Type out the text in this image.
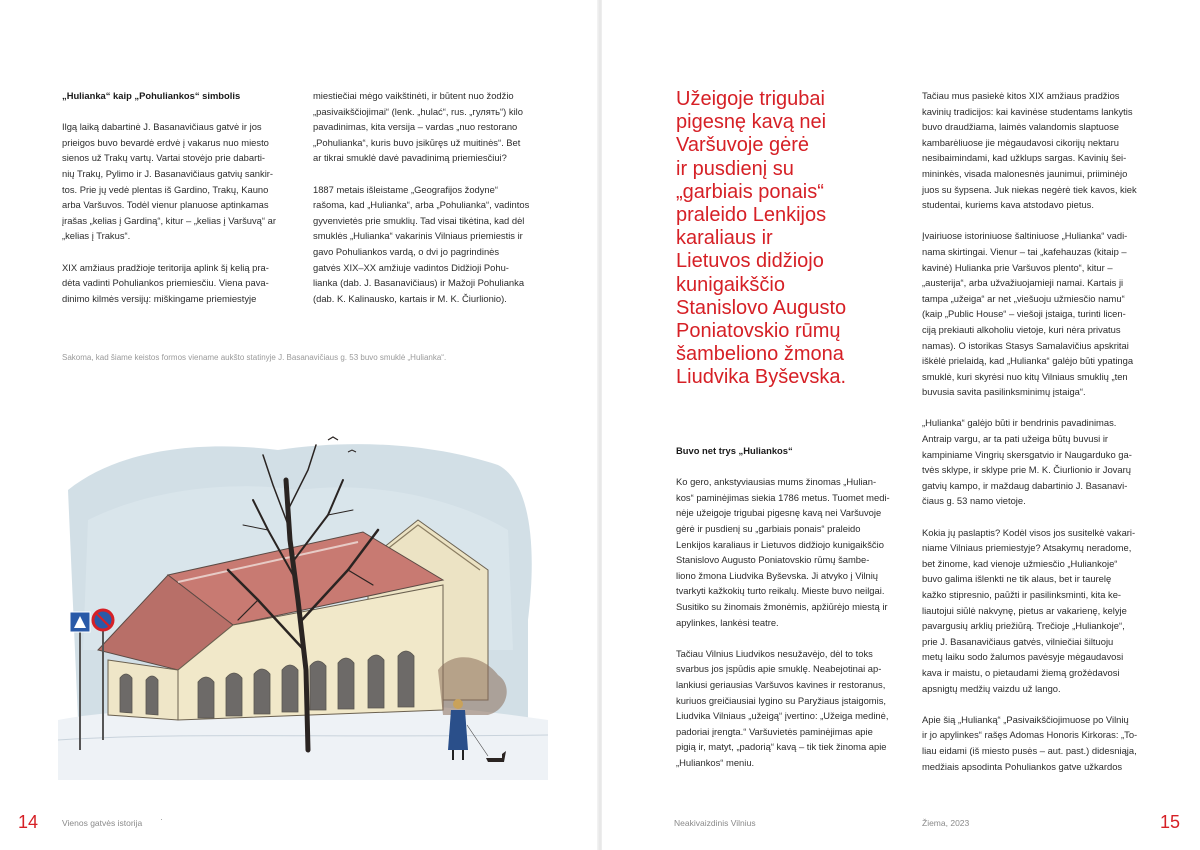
„Hulianka“ kaip „Pohuliankos“ simbolis

Ilgą laiką dabartinė J. Basanavičiaus gatvė ir jos
prieigos buvo bevardė erdvė į vakarus nuo miesto
sienos už Trakų vartų. Vartai stovėjo prie dabarti-
nių Trakų, Pylimo ir J. Basanavičiaus gatvių sankir-
tos. Prie jų vedė plentas iš Gardino, Trakų, Kauno
arba Varšuvos. Todėl vienur planuose aptinkamas
įrašas „kelias į Gardiną“, kitur – „kelias į Varšuvą“ ar
„kelias į Trakus“.

XIX amžiaus pradžioje teritorija aplink šį kelią pra-
dėta vadinti Pohuliankos priemiesčiu. Viena pava-
dinimo kilmės versijų: miškingame priemiestyje

miestiečiai mėgo vaikštinėti, ir būtent nuo žodžio
„pasivaikščiojimai“ (lenk. „hulać“, rus. „гулять“) kilo
pavadinimas, kita versija – vardas „nuo restorano
„Pohulianka“, kuris buvo įsikūręs už muitinės“. Bet
ar tikrai smuklė davė pavadinimą priemiesčiui?

1887 metais išleistame „Geografijos žodyne“
rašoma, kad „Hulianka“, arba „Pohulianka“, vadintos
gyvenvietės prie smuklių. Tad visai tikėtina, kad dėl
smuklės „Hulianka“ vakarinis Vilniaus priemiestis ir
gavo Pohuliankos vardą, o dvi jo pagrindinės
gatvės XIX–XX amžiuje vadintos Didžioji Pohu-
lianka (dab. J. Basanavičiaus) ir Mažoji Pohulianka
(dab. K. Kalinausko, kartais ir M. K. Čiurlionio).

Sakoma, kad šiame keistos formos viename aukšto statinyje J. Basanavičiaus g. 53 buvo smuklė „Hulianka“.
14	Vienos gatvės istorija ·
Užeigoje trigubai
pigesnę kavą nei
Varšuvoje gėrė
ir pusdienį su
„garbiais ponais“
praleido Lenkijos
karaliaus ir
Lietuvos didžiojo
kunigaikščio
Stanislovo Augusto
Poniatovskio rūmų
šambeliono žmona
Liudvika Byševska.
Buvo net trys „Huliankos“

Ko gero, ankstyviausias mums žinomas „Hulian-
kos“ paminėjimas siekia 1786 metus. Tuomet medi-
nėje užeigoje trigubai pigesnę kavą nei Varšuvoje
gėrė ir pusdienį su „garbiais ponais“ praleido
Lenkijos karaliaus ir Lietuvos didžiojo kunigaikščio
Stanislovo Augusto Poniatovskio rūmų šambe-
liono žmona Liudvika Byševska. Ji atvyko į Vilnių
tvarkyti kažkokių turto reikalų. Mieste buvo neilgai.
Susitiko su žinomais žmonėmis, apžiūrėjo miestą ir
apylinkes, lankėsi teatre.

Tačiau Vilnius Liudvikos nesužavėjo, dėl to toks
svarbus jos įspūdis apie smuklę. Neabejotinai ap-
lankiusi geriausias Varšuvos kavines ir restoranus,
kuriuos greičiausiai lygino su Paryžiaus įstaigomis,
Liudvika Vilniaus „užeigą“ įvertino: „Užeiga medinė,
padoriai įrengta.“ Varšuvietės paminėjimas apie
pigią ir, matyt, „padorią“ kavą – tik tiek žinoma apie
„Huliankos“ meniu.

Tačiau mus pasiekė kitos XIX amžiaus pradžios
kavinių tradicijos: kai kavinėse studentams lankytis
buvo draudžiama, laimės valandomis slaptuose
kambarėliuose jie mėgaudavosi cikorijų nektaru
nesibaimindami, kad užklups sargas. Kavinių šei-
mininkės, visada malonesnės jaunimui, priiminėjo
juos su šypsena. Juk niekas negėrė tiek kavos, kiek
studentai, kuriems kava atstodavo pietus.

Įvairiuose istoriniuose šaltiniuose „Hulianka“ vadi-
nama skirtingai. Vienur – tai „kafehauzas (kitaip –
kavinė) Hulianka prie Varšuvos plento“, kitur –
„austerija“, arba užvažiuojamieji namai. Kartais ji
tampa „užeiga“ ar net „viešuoju užmiesčio namu“
(kaip „Public House“ – viešoji įstaiga, turinti licen-
ciją prekiauti alkoholiu vietoje, kuri nėra privatus
namas). O istorikas Stasys Samalavičius apskritai
iškėlė prielaidą, kad „Hulianka“ galėjo būti ypatinga
smuklė, kuri skyrėsi nuo kitų Vilniaus smuklių „ten
buvusia savita pasilinksminimų įstaiga“.

„Hulianka“ galėjo būti ir bendrinis pavadinimas.
Antraip vargu, ar ta pati užeiga būtų buvusi ir
kampiniame Vingrių skersgatvio ir Naugarduko ga-
tvės sklype, ir sklype prie M. K. Čiurlionio ir Jovarų
gatvių kampo, ir maždaug dabartinio J. Basanavi-
čiaus g. 53 namo vietoje.

Kokia jų paslaptis? Kodėl visos jos susitelkė vakari-
niame Vilniaus priemiestyje? Atsakymų neradome,
bet žinome, kad vienoje užmiesčio „Huliankoje“
buvo galima išlenkti ne tik alaus, bet ir taurelę
kažko stipresnio, paūžti ir pasilinksminti, kita ke-
liautojui siūlė nakvynę, pietus ar vakarienę, kelyje
pavargusių arklių priežiūrą. Trečioje „Huliankoje“,
prie J. Basanavičiaus gatvės, vilniečiai šiltuoju
metų laiku sodo žalumos pavėsyje mėgaudavosi
kava ir maistu, o pietaudami žiemą grožėdavosi
apsnigtų medžių vaizdu už lango.

Apie šią „Hulianką“ „Pasivaikščiojimuose po Vilnių
ir jo apylinkes“ rašęs Adomas Honoris Kirkoras: „To-
liau eidami (iš miesto pusės – aut. past.) didesniąja,
medžiais apsodinta Pohuliankos gatve užkardos

Neakivaizdinis Vilnius	Žiema, 2023	15
